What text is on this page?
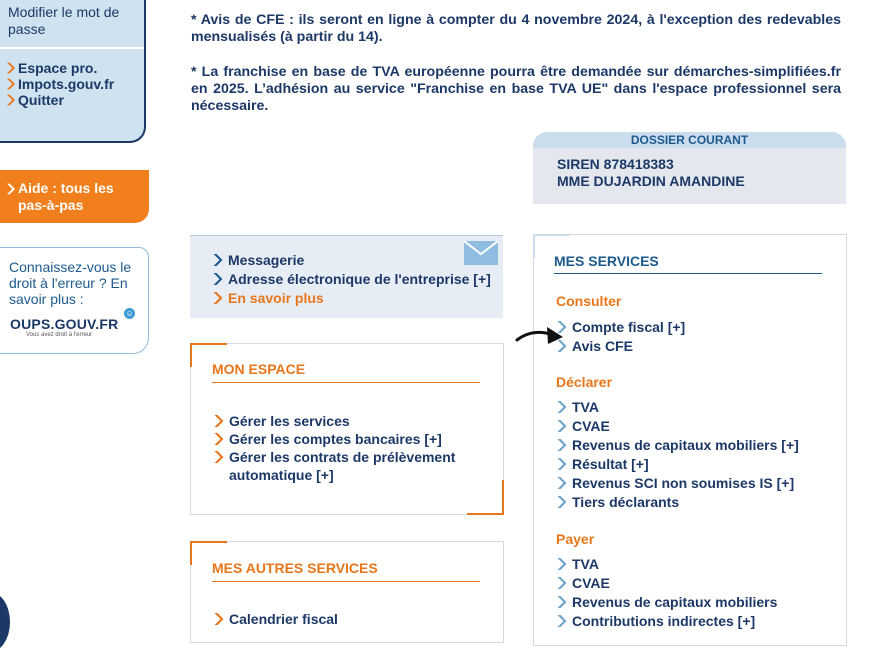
Modifier le mot de passe
Espace pro.
Impots.gouv.fr
Quitter
Aide : tous les pas-à-pas
Connaissez-vous le droit à l'erreur ? En savoir plus :
OUPS.GOUV.FR
☺
Vous avez droit à l'erreur
* Avis de CFE : ils seront en ligne à compter du 4 novembre 2024, à l'exception des redevables mensualisés (à partir du 14).
* La franchise en base de TVA européenne pourra être demandée sur démarches-simplifiées.fr en 2025. L’adhésion au service "Franchise en base TVA UE" dans l'espace professionnel sera nécessaire.
DOSSIER COURANT
SIREN 878418383
MME DUJARDIN AMANDINE
Messagerie
Adresse électronique de l'entreprise [+]
En savoir plus
MON ESPACE
Gérer les services
Gérer les comptes bancaires [+]
Gérer les contrats de prélèvement automatique [+]
MES AUTRES SERVICES
Calendrier fiscal
MES SERVICES
Consulter
Compte fiscal [+]
Avis CFE
Déclarer
TVA
CVAE
Revenus de capitaux mobiliers [+]
Résultat [+]
Revenus SCI non soumises IS [+]
Tiers déclarants
Payer
TVA
CVAE
Revenus de capitaux mobiliers
Contributions indirectes [+]
